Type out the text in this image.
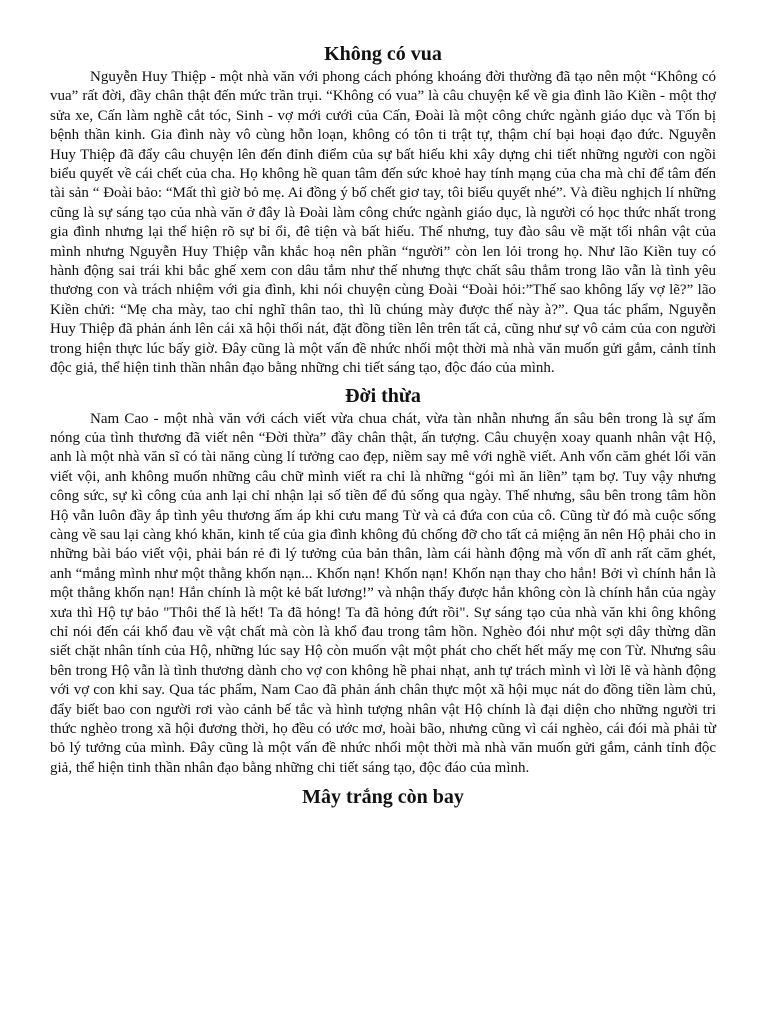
Không có vua

Nguyễn Huy Thiệp - một nhà văn với phong cách phóng khoáng đời thường đã tạo nên một “Không có vua” rất đời, đầy chân thật đến mức trần trụi. “Không có vua” là câu chuyện kể về gia đình lão Kiền - một thợ sửa xe, Cấn làm nghề cắt tóc, Sinh - vợ mới cưới của Cấn, Đoài là một công chức ngành giáo dục và Tốn bị bệnh thần kinh. Gia đình này vô cùng hỗn loạn, không có tôn ti trật tự, thậm chí bại hoại đạo đức. Nguyễn Huy Thiệp đã đẩy câu chuyện lên đến đỉnh điểm của sự bất hiếu khi xây dựng chi tiết những người con ngồi biểu quyết về cái chết của cha. Họ không hề quan tâm đến sức khoẻ hay tính mạng của cha mà chỉ để tâm đến tài sản “ Đoài bảo: “Mất thì giờ bỏ mẹ. Ai đồng ý bố chết giơ tay, tôi biểu quyết nhé”. Và điều nghịch lí những cũng là sự sáng tạo của nhà văn ở đây là Đoài làm công chức ngành giáo dục, là người có học thức nhất trong gia đình nhưng lại thể hiện rõ sự bỉ ổi, đê tiện và bất hiếu. Thế nhưng, tuy đào sâu về mặt tối nhân vật của mình nhưng Nguyễn Huy Thiệp vẫn khắc hoạ nên phần “người” còn len lỏi trong họ. Như lão Kiền tuy có hành động sai trái khi bắc ghế xem con dâu tắm như thế nhưng thực chất sâu thẳm trong lão vẫn là tình yêu thương con và trách nhiệm với gia đình, khi nói chuyện cùng Đoài “Đoài hỏi:”Thế sao không lấy vợ lẽ?” lão Kiền chửi: “Mẹ cha mày, tao chỉ nghĩ thân tao, thì lũ chúng mày được thế này à?”. Qua tác phẩm, Nguyễn Huy Thiệp đã phản ánh lên cái xã hội thối nát, đặt đồng tiền lên trên tất cả, cũng như sự vô cảm của con người trong hiện thực lúc bấy giờ. Đây cũng là một vấn đề nhức nhối một thời mà nhà văn muốn gửi gắm, cảnh tỉnh độc giả, thể hiện tinh thần nhân đạo bằng những chi tiết sáng tạo, độc đáo của mình.

Đời thừa

Nam Cao - một nhà văn với cách viết vừa chua chát, vừa tàn nhẫn nhưng ẩn sâu bên trong là sự ấm nóng của tình thương đã viết nên “Đời thừa” đầy chân thật, ấn tượng. Câu chuyện xoay quanh nhân vật Hộ, anh là một nhà văn sĩ có tài năng cùng lí tưởng cao đẹp, niềm say mê với nghề viết. Anh vốn căm ghét lối văn viết vội, anh không muốn những câu chữ mình viết ra chỉ là những “gói mì ăn liền” tạm bợ. Tuy vậy nhưng công sức, sự kì công của anh lại chỉ nhận lại số tiền để đủ sống qua ngày. Thế nhưng, sâu bên trong tâm hồn Hộ vẫn luôn đầy ắp tình yêu thương ấm áp khi cưu mang Từ và cả đứa con của cô. Cũng từ đó mà cuộc sống càng về sau lại càng khó khăn, kinh tế của gia đình không đủ chống đỡ cho tất cả miệng ăn nên Hộ phải cho in những bài báo viết vội, phải bán rẻ đi lý tưởng của bản thân, làm cái hành động mà vốn dĩ anh rất căm ghét, anh “mắng mình như một thằng khốn nạn... Khốn nạn! Khốn nạn! Khốn nạn thay cho hắn! Bởi vì chính hắn là một thằng khốn nạn! Hắn chính là một kẻ bất lương!” và nhận thấy được hắn không còn là chính hắn của ngày xưa thì Hộ tự bảo "Thôi thế là hết! Ta đã hỏng! Ta đã hỏng đứt rồi". Sự sáng tạo của nhà văn khi ông không chỉ nói đến cái khổ đau về vật chất mà còn là khổ đau trong tâm hồn. Nghèo đói như một sợi dây thừng dần siết chặt nhân tính của Hộ, những lúc say Hộ còn muốn vật một phát cho chết hết mấy mẹ con Từ. Nhưng sâu bên trong Hộ vẫn là tình thương dành cho vợ con không hề phai nhạt, anh tự trách mình vì lời lẽ và hành động với vợ con khi say. Qua tác phẩm, Nam Cao đã phản ánh chân thực một xã hội mục nát do đồng tiền làm chủ, đẩy biết bao con người rơi vào cảnh bế tắc và hình tượng nhân vật Hộ chính là đại diện cho những người tri thức nghèo trong xã hội đương thời, họ đều có ước mơ, hoài bão, nhưng cũng vì cái nghèo, cái đói mà phải từ bỏ lý tưởng của mình. Đây cũng là một vấn đề nhức nhối một thời mà nhà văn muốn gửi gắm, cảnh tỉnh độc giả, thể hiện tinh thần nhân đạo bằng những chi tiết sáng tạo, độc đáo của mình.

Mây trắng còn bay
